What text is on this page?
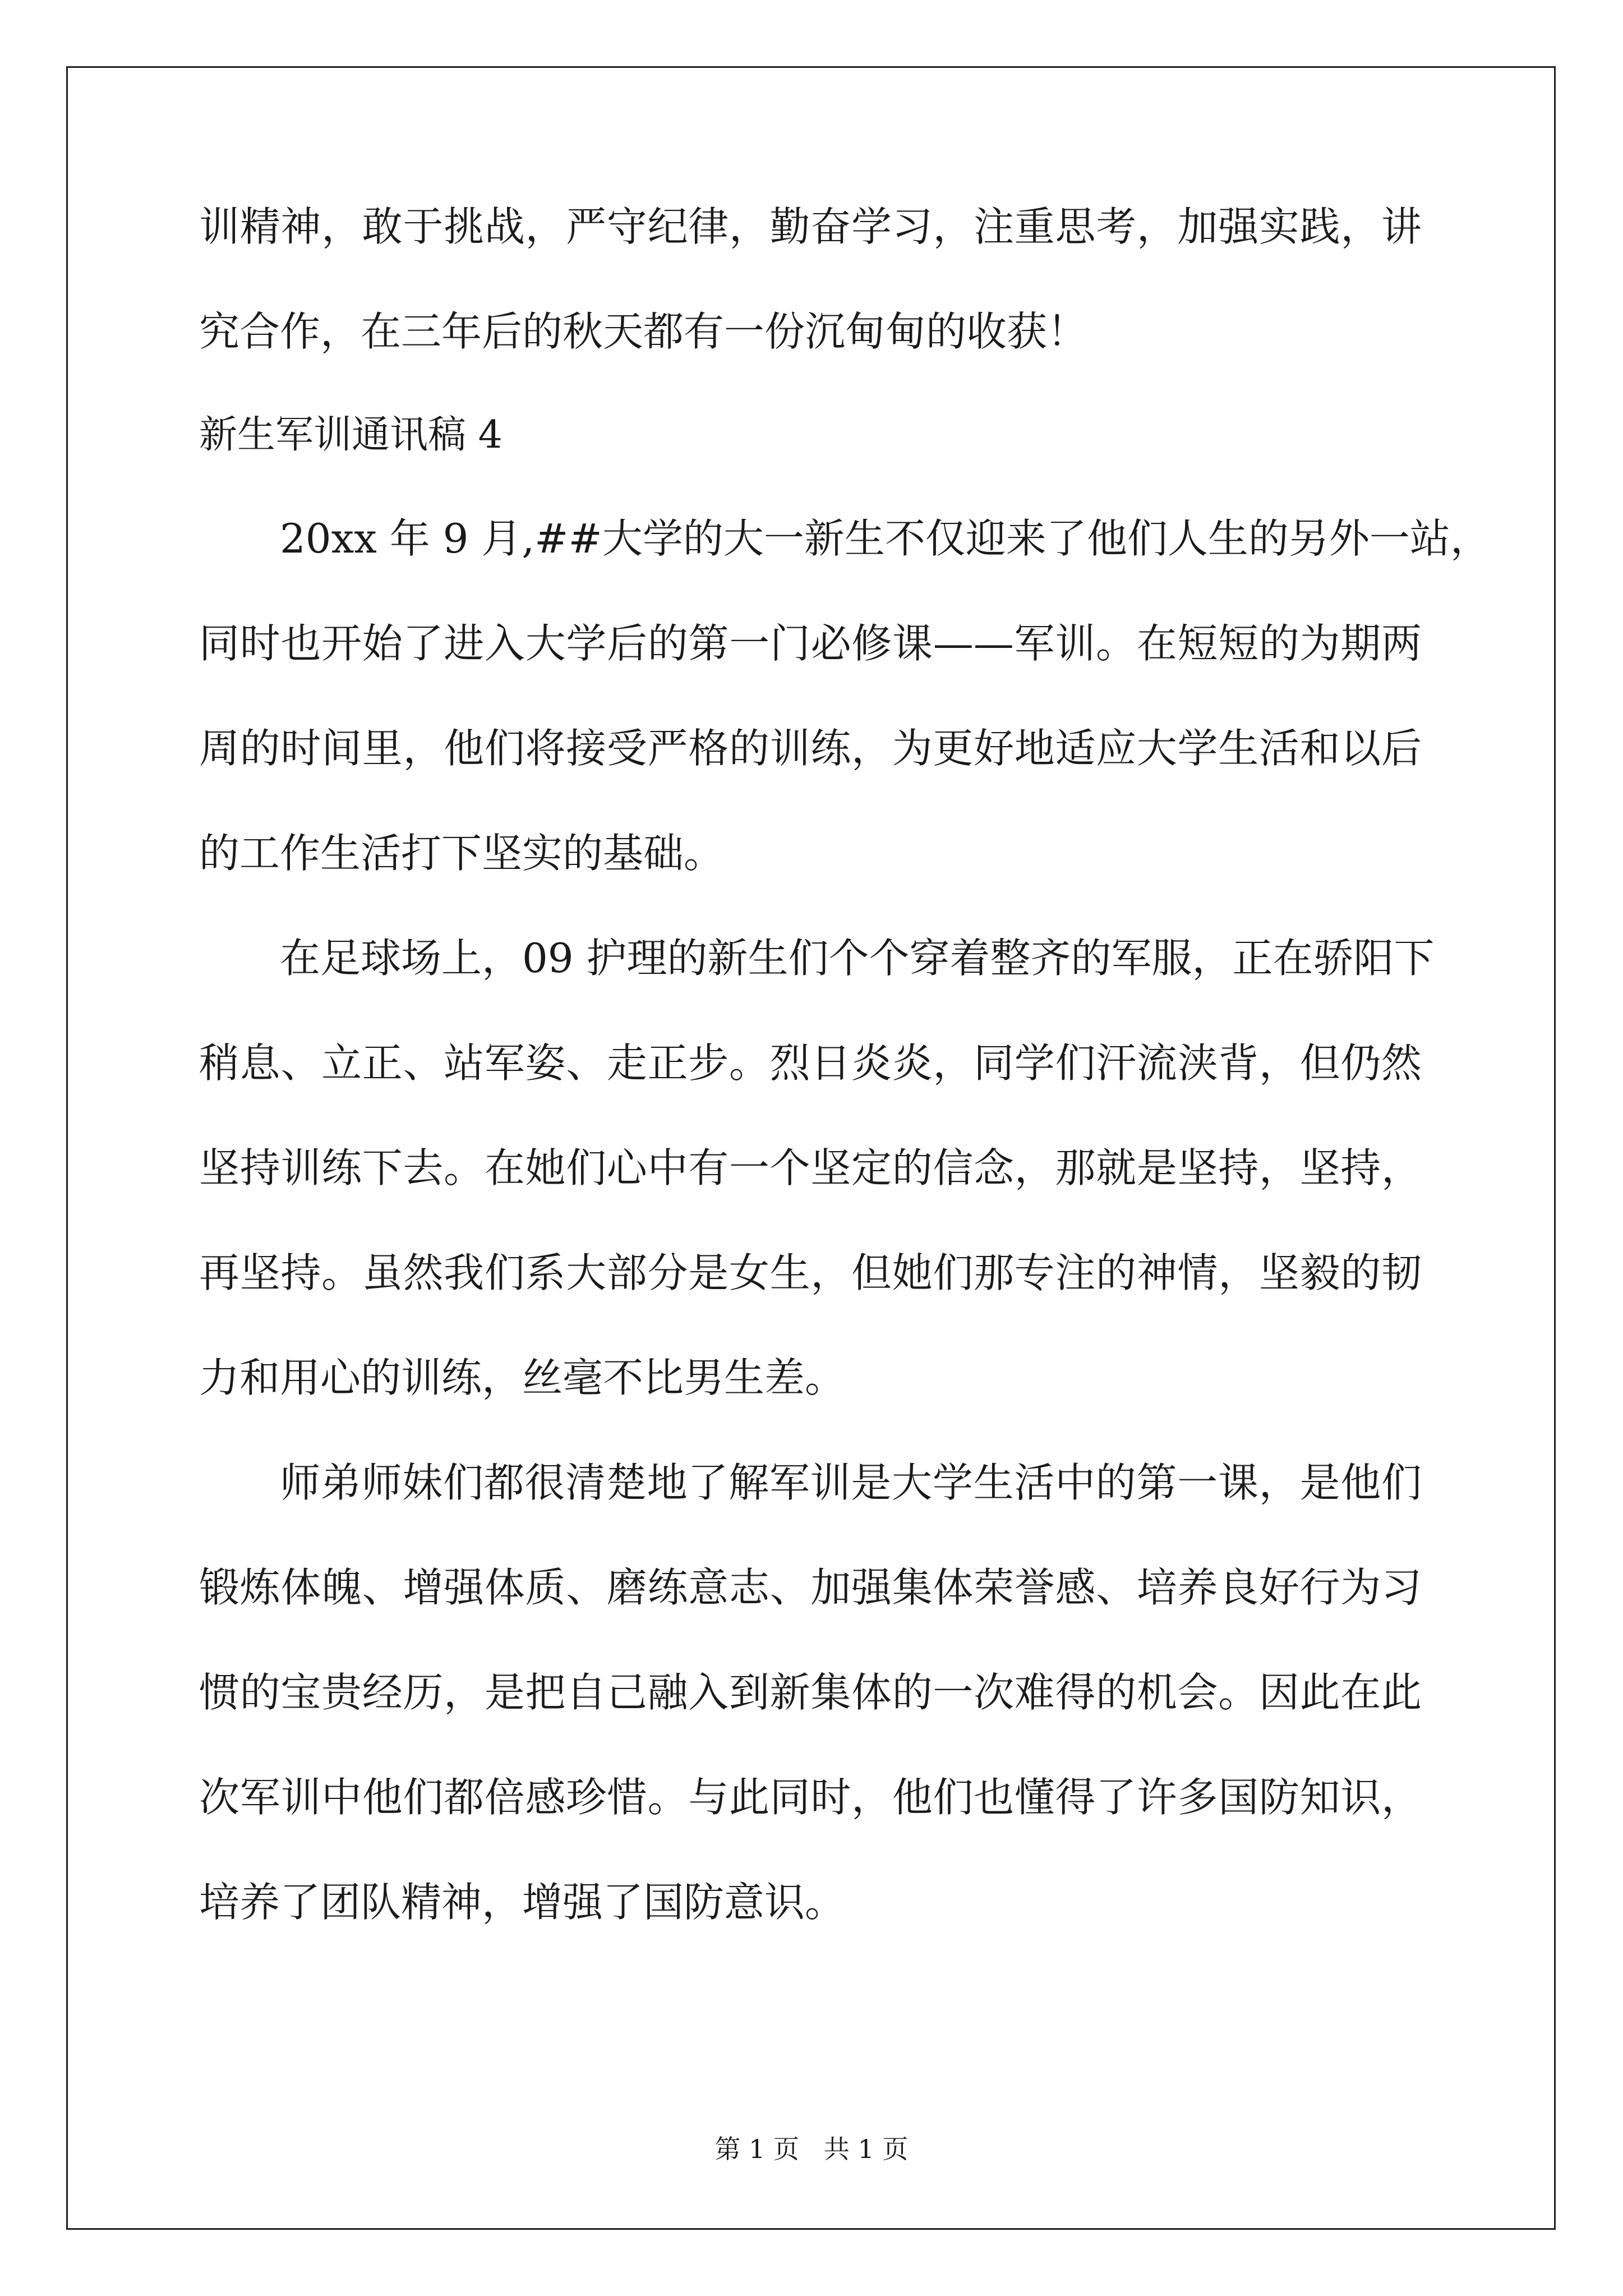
训精神，敢于挑战，严守纪律，勤奋学习，注重思考，加强实践，讲
究合作，在三年后的秋天都有一份沉甸甸的收获！
新生军训通讯稿 4
20xx 年 9 月,##大学的大一新生不仅迎来了他们人生的另外一站，
同时也开始了进入大学后的第一门必修课——军训。在短短的为期两
周的时间里，他们将接受严格的训练，为更好地适应大学生活和以后
的工作生活打下坚实的基础。
在足球场上，09 护理的新生们个个穿着整齐的军服，正在骄阳下
稍息、立正、站军姿、走正步。烈日炎炎，同学们汗流浃背，但仍然
坚持训练下去。在她们心中有一个坚定的信念，那就是坚持，坚持，
再坚持。虽然我们系大部分是女生，但她们那专注的神情，坚毅的韧
力和用心的训练，丝毫不比男生差。
师弟师妹们都很清楚地了解军训是大学生活中的第一课，是他们
锻炼体魄、增强体质、磨练意志、加强集体荣誉感、培养良好行为习
惯的宝贵经历，是把自己融入到新集体的一次难得的机会。因此在此
次军训中他们都倍感珍惜。与此同时，他们也懂得了许多国防知识，
培养了团队精神，增强了国防意识。
第 1 页   共 1 页
